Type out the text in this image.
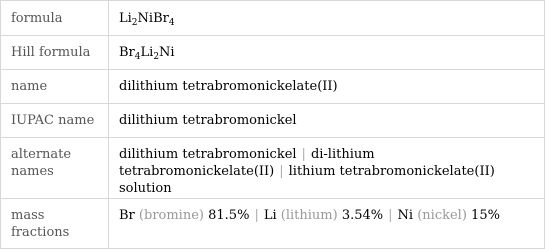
formula	$Li_2NiBr_4$
Hill formula	$Br_4Li_2Ni$
name	dilithium tetrabromonickelate(II)
IUPAC name	dilithium tetrabromonickel
alternate names	dilithium tetrabromonickel | di-lithium tetrabromonickelate(II) | lithium tetrabromonickelate(II) solution
mass fractions	Br (bromine) 81.5% | Li (lithium) 3.54% | Ni (nickel) 15%
